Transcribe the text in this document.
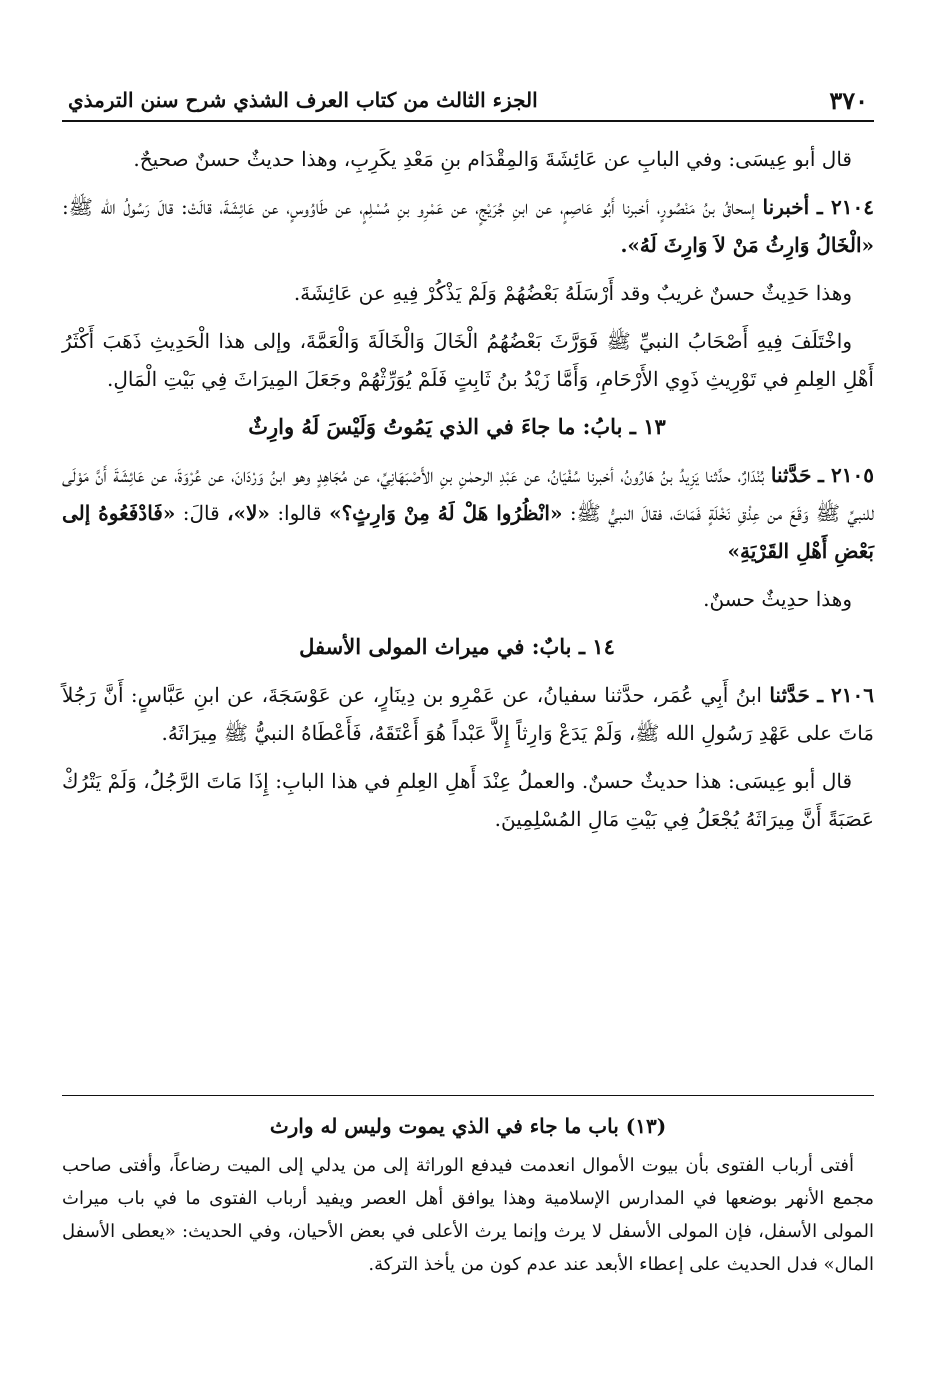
٣٧٠
الجزء الثالث من كتاب العرف الشذي شرح سنن الترمذي

قال أبو عِيسَى: وفي البابِ عن عَائِشَةَ وَالمِقْدَام بنِ مَعْدِ يكَرِبِ، وهذا حديثٌ حسنٌ صحيحٌ.

٢١٠٤ ـ أخبرنا إسحاقُ بنُ مَنْصُورٍ، أخبرنا أَبُو عَاصِمٍ، عن ابنِ جُرَيْجٍ، عن عَمْرِو بنِ مُسْلِمٍ، عن طَاوُوسٍ، عن عَائِشَةَ، قالَتْ: قالَ رَسُولُ الله ﷺ: «الْخَالُ وَارِثُ مَنْ لاَ وَارِثَ لَهُ».

وهذا حَدِيثٌ حسنٌ غريبٌ وقد أَرْسَلَهُ بَعْضُهُمْ وَلَمْ يَذْكُرْ فِيهِ عن عَائِشَةَ.

واخْتَلَفَ فِيهِ أَصْحَابُ النبيِّ ﷺ فَوَرَّثَ بَعْضُهُمُ الْخَالَ وَالْخَالَةَ وَالْعَمَّةَ، وإلى هذا الْحَدِيثِ ذَهَبَ أَكْثَرُ أَهْلِ العِلمِ في تَوْرِيثِ ذَوِي الأَرْحَامِ، وَأَمَّا زَيْدُ بنُ ثَابِتٍ فَلَمْ يُوَرِّثْهُمْ وجَعَلَ المِيرَاثَ فِي بَيْتِ الْمَالِ.

١٣ ـ بابُ: ما جاءَ في الذي يَمُوتُ وَلَيْسَ لَهُ وارِثٌ

٢١٠٥ ـ حَدَّثنا بُنْدَارٌ، حدَّثنا يَزِيدُ بنُ هَارُونُ، أخبرنا سُفْيَانُ، عن عَبْدِ الرحمٰنِ بنِ الأَصْبَهَانِيِّ، عن مُجَاهِدٍ وهو ابنُ وَرْدَانَ، عن عُرْوَةَ، عن عَائِشَةَ أَنَّ مَوْلَى للنبيِّ ﷺ وَقَعَ من عِذْقِ نَخْلَةٍ فَمَاتَ، فقالَ النبيُّ ﷺ: «انْظُرُوا هَلْ لَهُ مِنْ وَارِثٍ؟» قالوا: «لا»، قالَ: «فَادْفَعُوهُ إلى بَعْضِ أَهْلِ القَرْيَةِ»

وهذا حدِيثٌ حسنٌ.

١٤ ـ بابٌ: في ميراث المولى الأسفل

٢١٠٦ ـ حَدَّثنا ابنُ أَبِي عُمَر، حدَّثنا سفيانُ، عن عَمْرِو بن دِينَارٍ، عن عَوْسَجَةَ، عن ابنِ عَبَّاسٍ: أَنَّ رَجُلاً مَاتَ على عَهْدِ رَسُولِ الله ﷺ، وَلَمْ يَدَعْ وَارِثاً إِلاَّ عَبْداً هُوَ أَعْتَقَهُ، فَأَعْطَاهُ النبيُّ ﷺ مِيرَاثَهُ.

قال أبو عِيسَى: هذا حديثٌ حسنٌ. والعملُ عِنْدَ أَهلِ العِلمِ في هذا البابِ: إِذَا مَاتَ الرَّجُلُ، وَلَمْ يَتْرُكْ عَصَبَةً أَنَّ مِيرَاثَهُ يُجْعَلُ فِي بَيْتِ مَالِ المُسْلِمِينَ.

(١٣) باب ما جاء في الذي يموت وليس له وارث

أفتى أرباب الفتوى بأن بيوت الأموال انعدمت فيدفع الوراثة إلى من يدلي إلى الميت رضاعاً، وأفتى صاحب مجمع الأنهر بوضعها في المدارس الإسلامية وهذا يوافق أهل العصر ويفيد أرباب الفتوى ما في باب ميراث المولى الأسفل، فإن المولى الأسفل لا يرث وإنما يرث الأعلى في بعض الأحيان، وفي الحديث: «يعطى الأسفل المال» فدل الحديث على إعطاء الأبعد عند عدم كون من يأخذ التركة.
